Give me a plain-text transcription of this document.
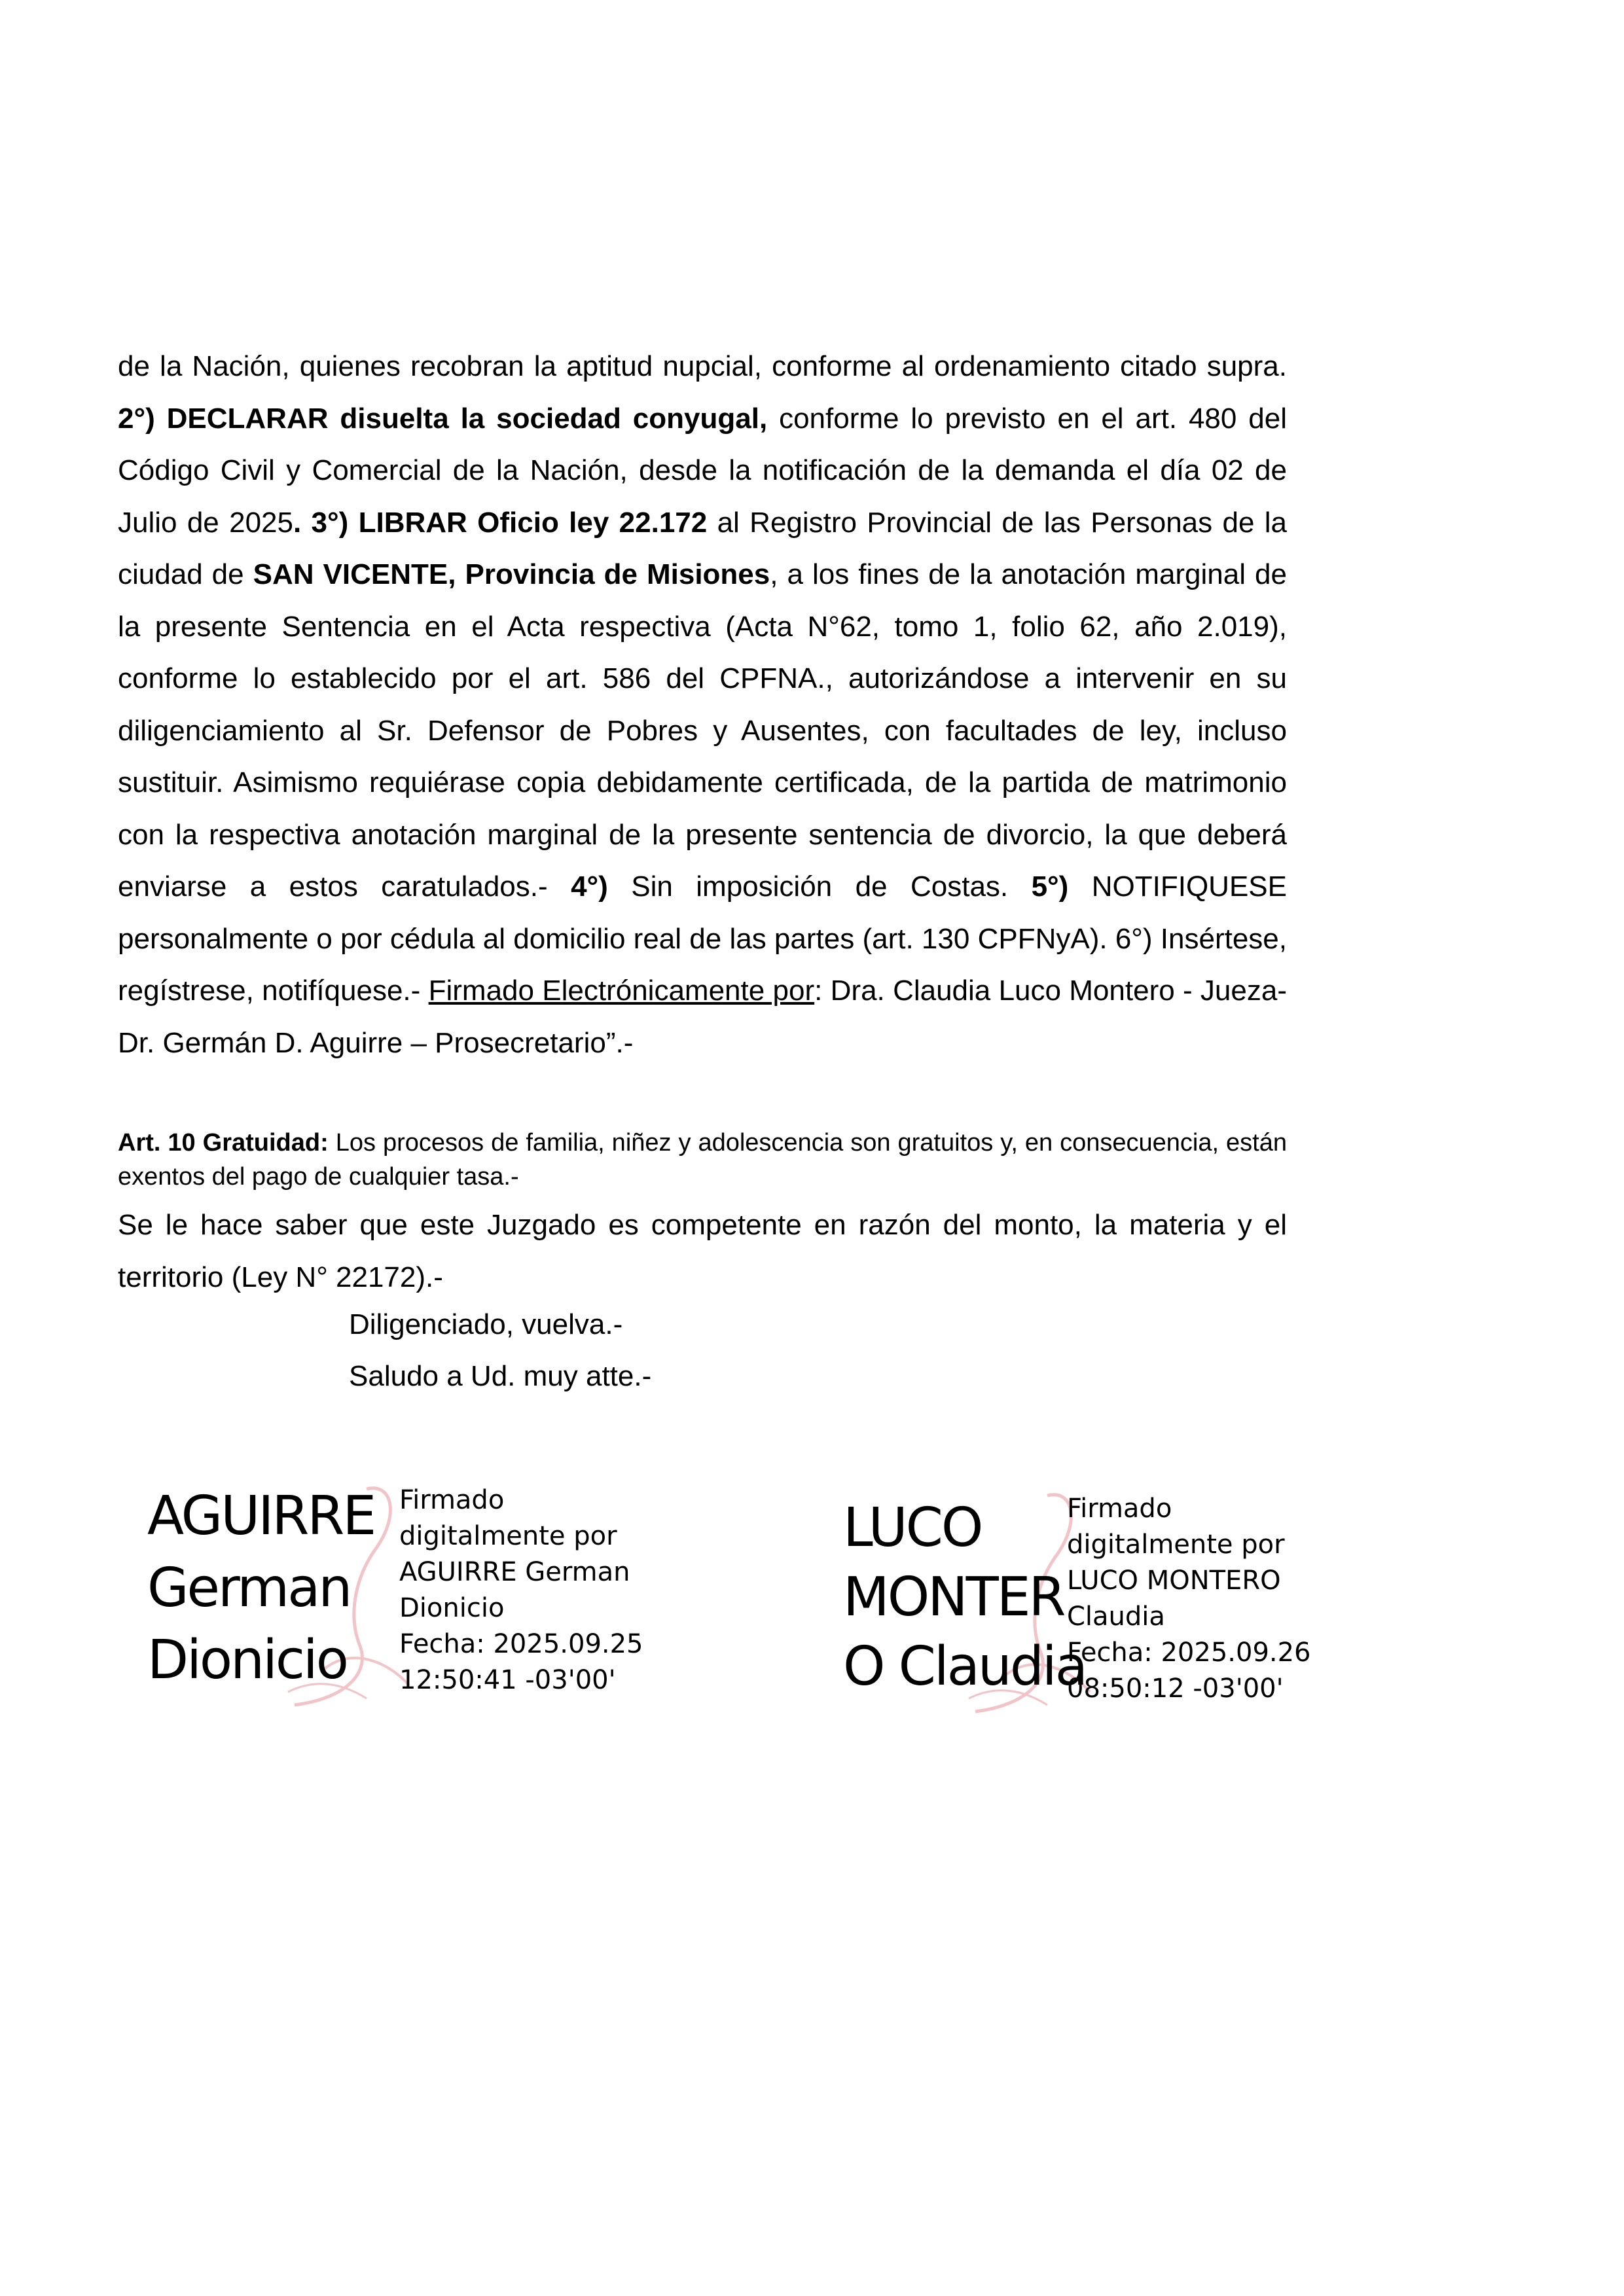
de la Nación, quienes recobran la aptitud nupcial, conforme al ordenamiento citado supra. 2°) DECLARAR disuelta la sociedad conyugal, conforme lo previsto en el art. 480 del Código Civil y Comercial de la Nación, desde la notificación de la demanda el día 02 de Julio de 2025. 3°) LIBRAR Oficio ley 22.172 al Registro Provincial de las Personas de la ciudad de SAN VICENTE, Provincia de Misiones, a los fines de la anotación marginal de la presente Sentencia en el Acta respectiva (Acta N°62, tomo 1, folio 62, año 2.019), conforme lo establecido por el art. 586 del CPFNA., autorizándose a intervenir en su diligenciamiento al Sr. Defensor de Pobres y Ausentes, con facultades de ley, incluso sustituir. Asimismo requiérase copia debidamente certificada, de la partida de matrimonio con la respectiva anotación marginal de la presente sentencia de divorcio, la que deberá enviarse a estos caratulados.- 4°) Sin imposición de Costas. 5°) NOTIFIQUESE personalmente o por cédula al domicilio real de las partes (art. 130 CPFNyA). 6°) Insértese, regístrese, notifíquese.- Firmado Electrónicamente por: Dra. Claudia Luco Montero - Jueza- Dr. Germán D. Aguirre – Prosecretario”.-

Art. 10 Gratuidad: Los procesos de familia, niñez y adolescencia son gratuitos y, en consecuencia, están exentos del pago de cualquier tasa.-

Se le hace saber que este Juzgado es competente en razón del monto, la materia y el territorio (Ley N° 22172).-

Diligenciado, vuelva.-

Saludo a Ud. muy atte.-

AGUIRRE

German

Dionicio

Firmado

digitalmente por

AGUIRRE German

Dionicio

Fecha: 2025.09.25

12:50:41 -03'00'

LUCO

MONTER

O Claudia

Firmado

digitalmente por

LUCO MONTERO

Claudia

Fecha: 2025.09.26

08:50:12 -03'00'
